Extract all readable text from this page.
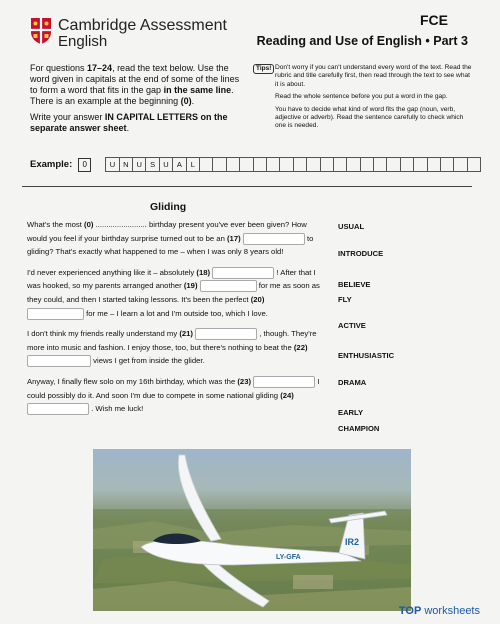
Cambridge Assessment
English
FCE
Reading and Use of English • Part 3

For questions 17–24, read the text below. Use the word given in capitals at the end of some of the lines to form a word that fits in the gap in the same line. There is an example at the beginning (0).

Write your answer IN CAPITAL LETTERS on the separate answer sheet.

Tips! Don't worry if you can't understand every word of the text. Read the rubric and title carefully first, then read through the text to see what it is about.

Read the whole sentence before you put a word in the gap.

You have to decide what kind of word fits the gap (noun, verb, adjective or adverb). Read the sentence carefully to check which one is needed.

Example:	0	U	N	U	S	U	A	L
Gliding

What's the most (0) ........................ birthday present you've ever been given? How would you feel if your birthday surprise turned out to be an (17)	to gliding? That's exactly what happened to me – when I was only 8 years old!

I'd never experienced anything like it – absolutely (18)	! After that I was hooked, so my parents arranged another (19)	for me as soon as they could, and then I started taking lessons. It's been the perfect (20)  for me – I learn a lot and I'm outside too, which I love.

I don't think my friends really understand my (21)	, though. They're more into music and fashion. I enjoy those, too, but there's nothing to beat the (22)  views I get from inside the glider.

Anyway, I finally flew solo on my 16th birthday, which was the (23)	I could possibly do it. And soon I'm due to compete in some national gliding (24)  . Wish me luck!

USUAL
INTRODUCE
BELIEVE
FLY
ACTIVE
ENTHUSIASTIC
DRAMA
EARLY
CHAMPION
LY-GFA
IR2
TOP worksheets
